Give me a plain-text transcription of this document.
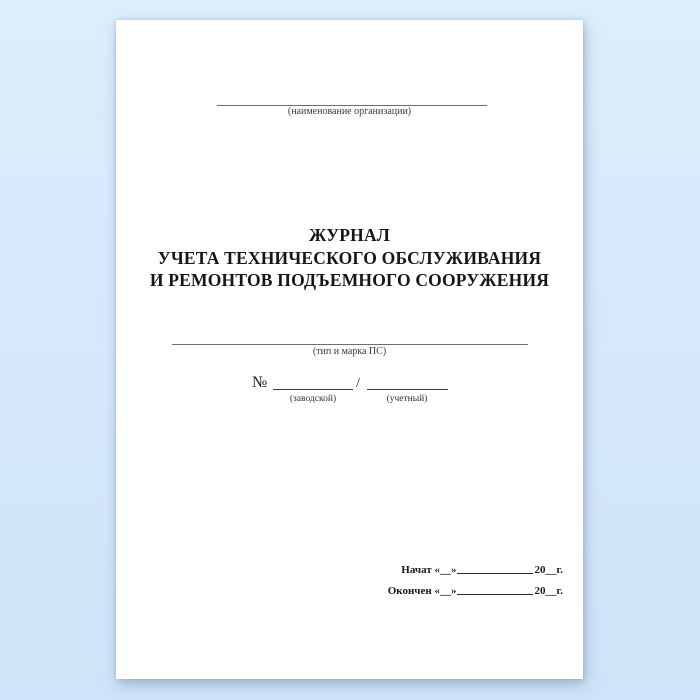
(наименование организации)
ЖУРНАЛ
УЧЕТА ТЕХНИЧЕСКОГО ОБСЛУЖИВАНИЯ
И РЕМОНТОВ ПОДЪЕМНОГО СООРУЖЕНИЯ
(тип и марка ПС)
№	/
(заводской)	(учетный)
Начат «__»	20__г.
Окончен «__»	20__г.
